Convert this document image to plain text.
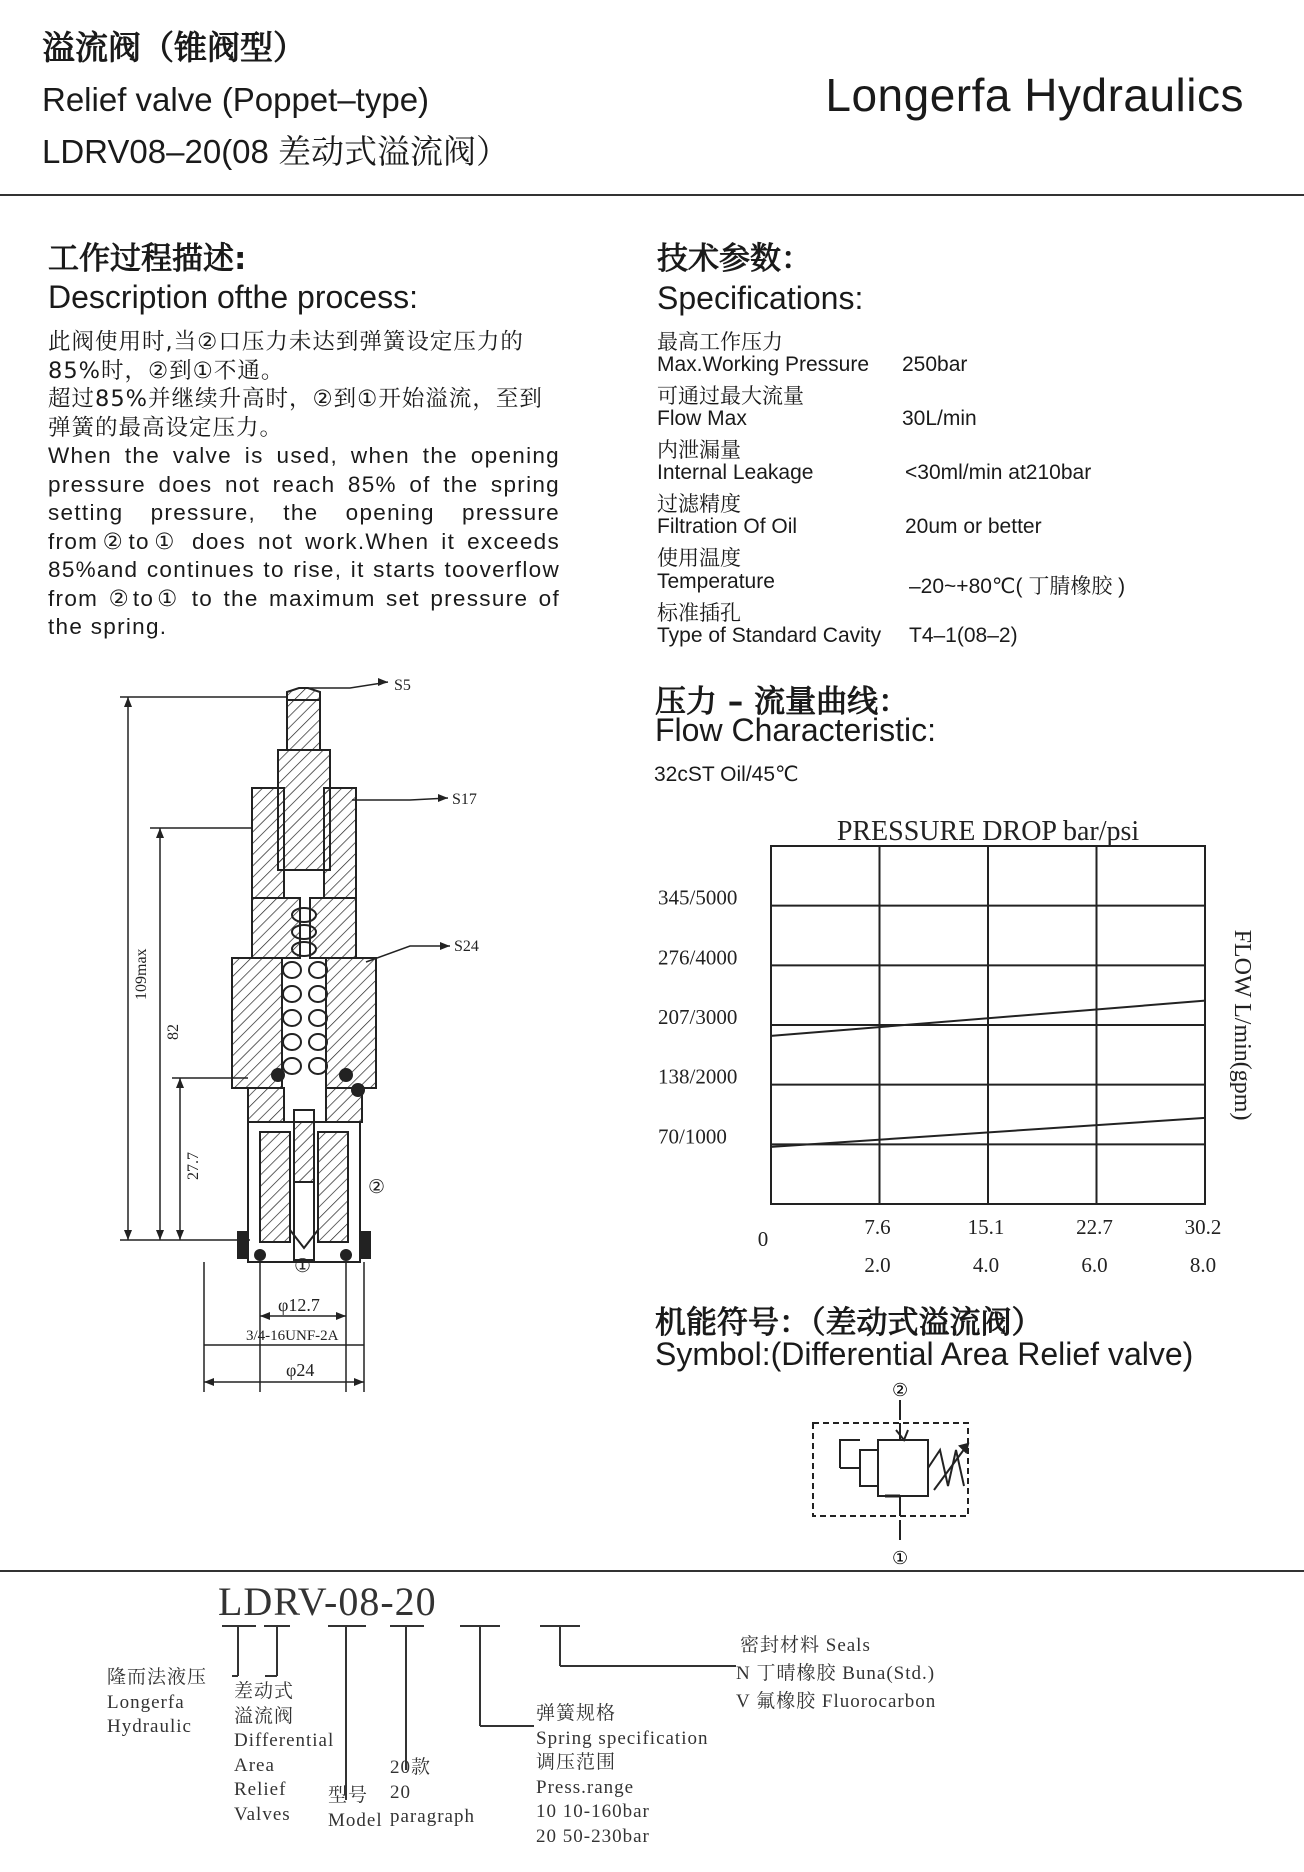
溢流阀（锥阀型）
Relief valve (Poppet–type)
LDRV08–20(08 差动式溢流阀）
Longerfa Hydraulics
工作过程描述:
Description ofthe process:
此阀使用时,当②口压力未达到弹簧设定压力的85%时，②到①不通。
超过85%并继续升高时，②到①开始溢流，至到弹簧的最高设定压力。
When the valve is used, when the opening pressure does not reach 85% of the spring setting pressure, the opening pressure from②to① does not work.When it exceeds 85%and continues to rise, it starts tooverflow from ②to① to the maximum set pressure of the spring.
S5
S17
S24
②
①
φ12.7
3/4-16UNF-2A
φ24
109max
82
27.7
技术参数：
Specifications:
最高工作压力
Max.Working Pressure 250bar
可通过最大流量
Flow Max	30L/min
内泄漏量
Internal Leakage	<30ml/min at210bar
过滤精度
Filtration Of Oil	20um or better
使用温度
Temperature	–20~+80℃( 丁腈橡胶 )
标准插孔
Type of Standard Cavity T4–1(08–2)
压力 – 流量曲线：
Flow Characteristic:
32cST Oil/45℃
PRESSURE DROP bar/psi
70/1000
138/2000
207/3000
276/4000
345/5000
0	7.6	15.1	22.7	30.2
2.0	4.0	6.0	8.0
FLOW L/min(gpm)
机能符号：（差动式溢流阀）
Symbol:(Differential Area Relief valve)
②
①
LDRV-08-20
密封材料 Seals
N 丁晴橡胶 Buna(Std.)
V 氟橡胶 Fluorocarbon
隆而法液压
Longerfa
Hydraulic
差动式
溢流阀
Differential
Area
Relief
Valves
型号
Model
20款
20
paragraph
弹簧规格
Spring specification
调压范围
Press.range
10 10-160bar
20 50-230bar
